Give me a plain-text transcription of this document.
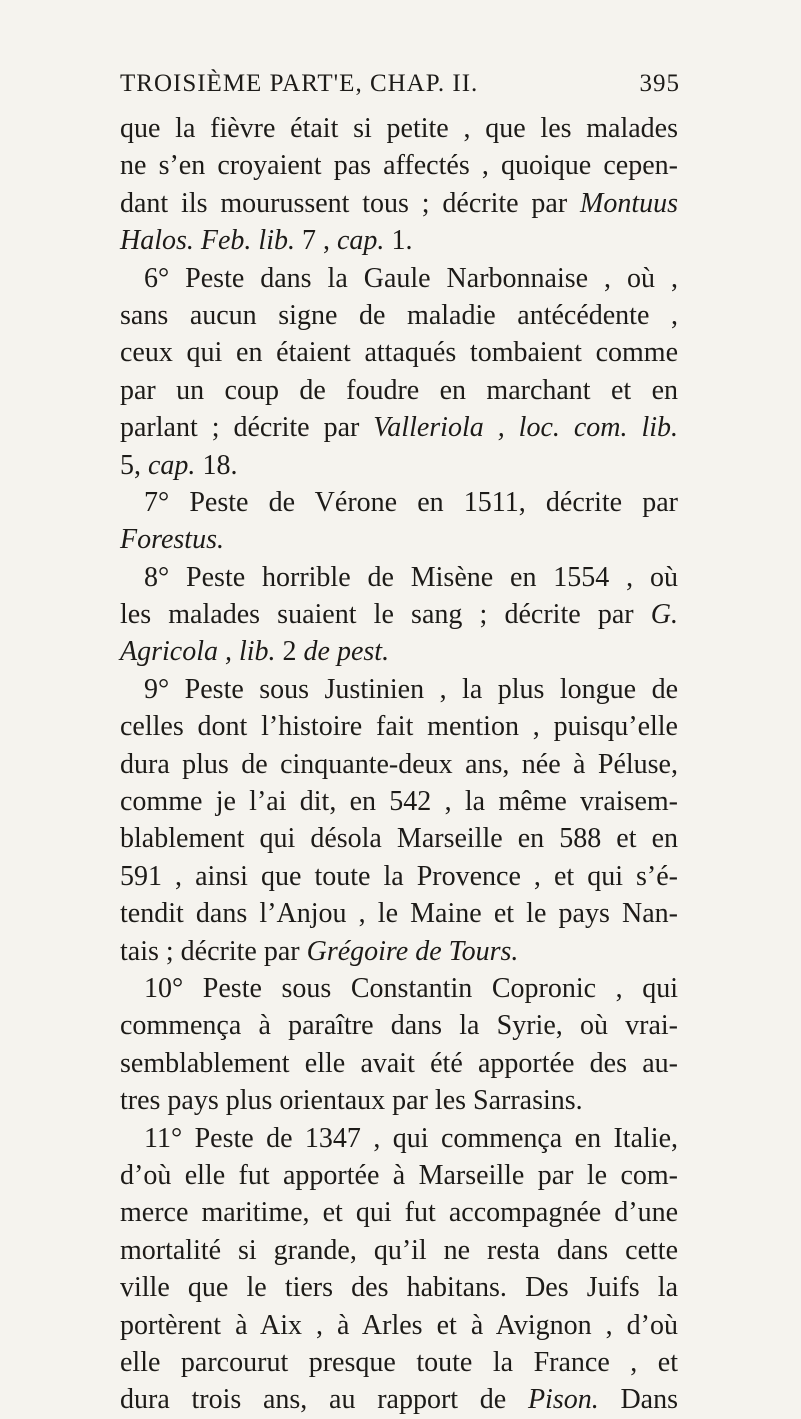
TROISIÈME PART'E, CHAP. II.	395
que la fièvre était si petite , que les malades
ne s’en croyaient pas affectés , quoique cepen-
dant ils mourussent tous ; décrite par Montuus
Halos. Feb. lib. 7 , cap. 1.
6° Peste dans la Gaule Narbonnaise , où ,
sans aucun signe de maladie antécédente ,
ceux qui en étaient attaqués tombaient comme
par un coup de foudre en marchant et en
parlant ; décrite par Valleriola , loc. com. lib.
5, cap. 18.
7° Peste de Vérone en 1511, décrite par
Forestus.
8° Peste horrible de Misène en 1554 , où
les malades suaient le sang ; décrite par G.
Agricola , lib. 2 de pest.
9° Peste sous Justinien , la plus longue de
celles dont l’histoire fait mention , puisqu’elle
dura plus de cinquante-deux ans, née à Péluse,
comme je l’ai dit, en 542 , la même vraisem-
blablement qui désola Marseille en 588 et en
591 , ainsi que toute la Provence , et qui s’é-
tendit dans l’Anjou , le Maine et le pays Nan-
tais ; décrite par Grégoire de Tours.
10° Peste sous Constantin Copronic , qui
commença à paraître dans la Syrie, où vrai-
semblablement elle avait été apportée des au-
tres pays plus orientaux par les Sarrasins.
11° Peste de 1347 , qui commença en Italie,
d’où elle fut apportée à Marseille par le com-
merce maritime, et qui fut accompagnée d’une
mortalité si grande, qu’il ne resta dans cette
ville que le tiers des habitans. Des Juifs la
portèrent à Aix , à Arles et à Avignon , d’où
elle parcourut presque toute la France , et
dura trois ans, au rapport de Pison. Dans
